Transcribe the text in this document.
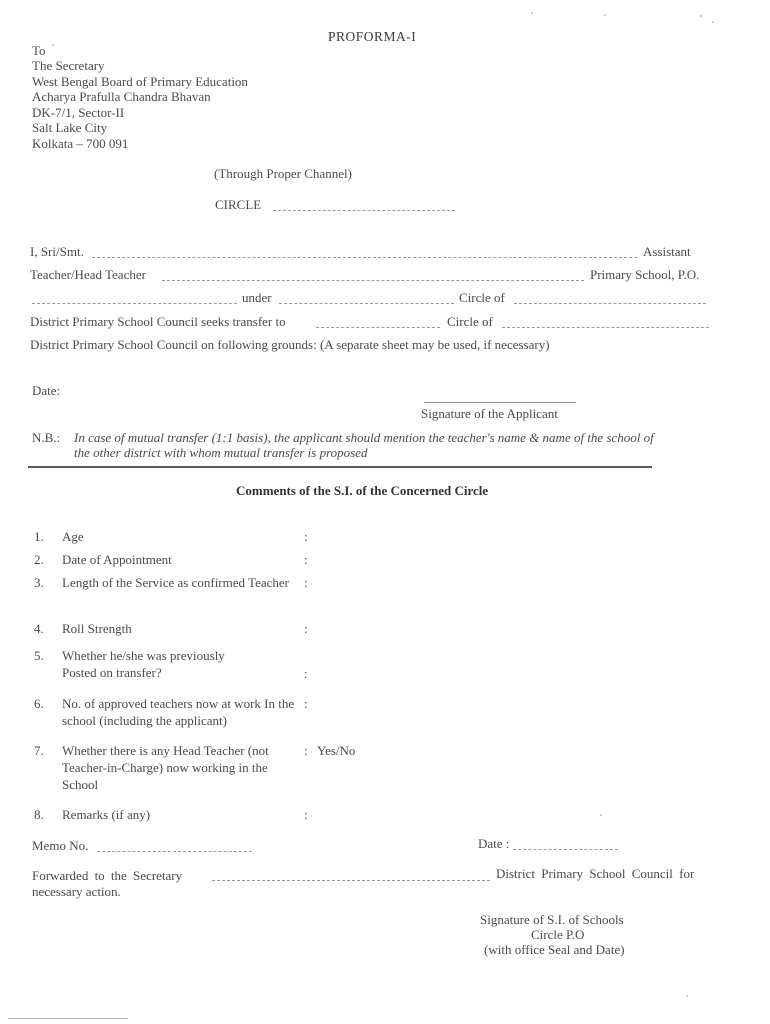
PROFORMA-I
To
The Secretary
West Bengal Board of Primary Education
Acharya Prafulla Chandra Bhavan
DK-7/1, Sector-II
Salt Lake City
Kolkata – 700 091
(Through Proper Channel)
CIRCLE
I, Sri/Smt.	Assistant
Teacher/Head Teacher	Primary School, P.O.
under	Circle of
District Primary School Council seeks transfer to	Circle of
District Primary School Council on following grounds: (A separate sheet may be used, if necessary)
Date:
Signature of the Applicant
N.B.: In case of mutual transfer (1:1 basis), the applicant should mention the teacher's name & name of the school of
the other district with whom mutual transfer is proposed
Comments of the S.I. of the Concerned Circle
1. Age	:
2. Date of Appointment	:
3. Length of the Service as confirmed Teacher	:
4. Roll Strength	:
5. Whether he/she was previously Posted on transfer?	:
6. No. of approved teachers now at work In the school (including the applicant)
:
7. Whether there is any Head Teacher (not Teacher-in-Charge) now working in the School
: Yes/No
8. Remarks (if any)	:
Memo No.	Date :
Forwarded to the Secretary	District Primary School Council for
necessary action.
Signature of S.I. of Schools
Circle P.O
(with office Seal and Date)
